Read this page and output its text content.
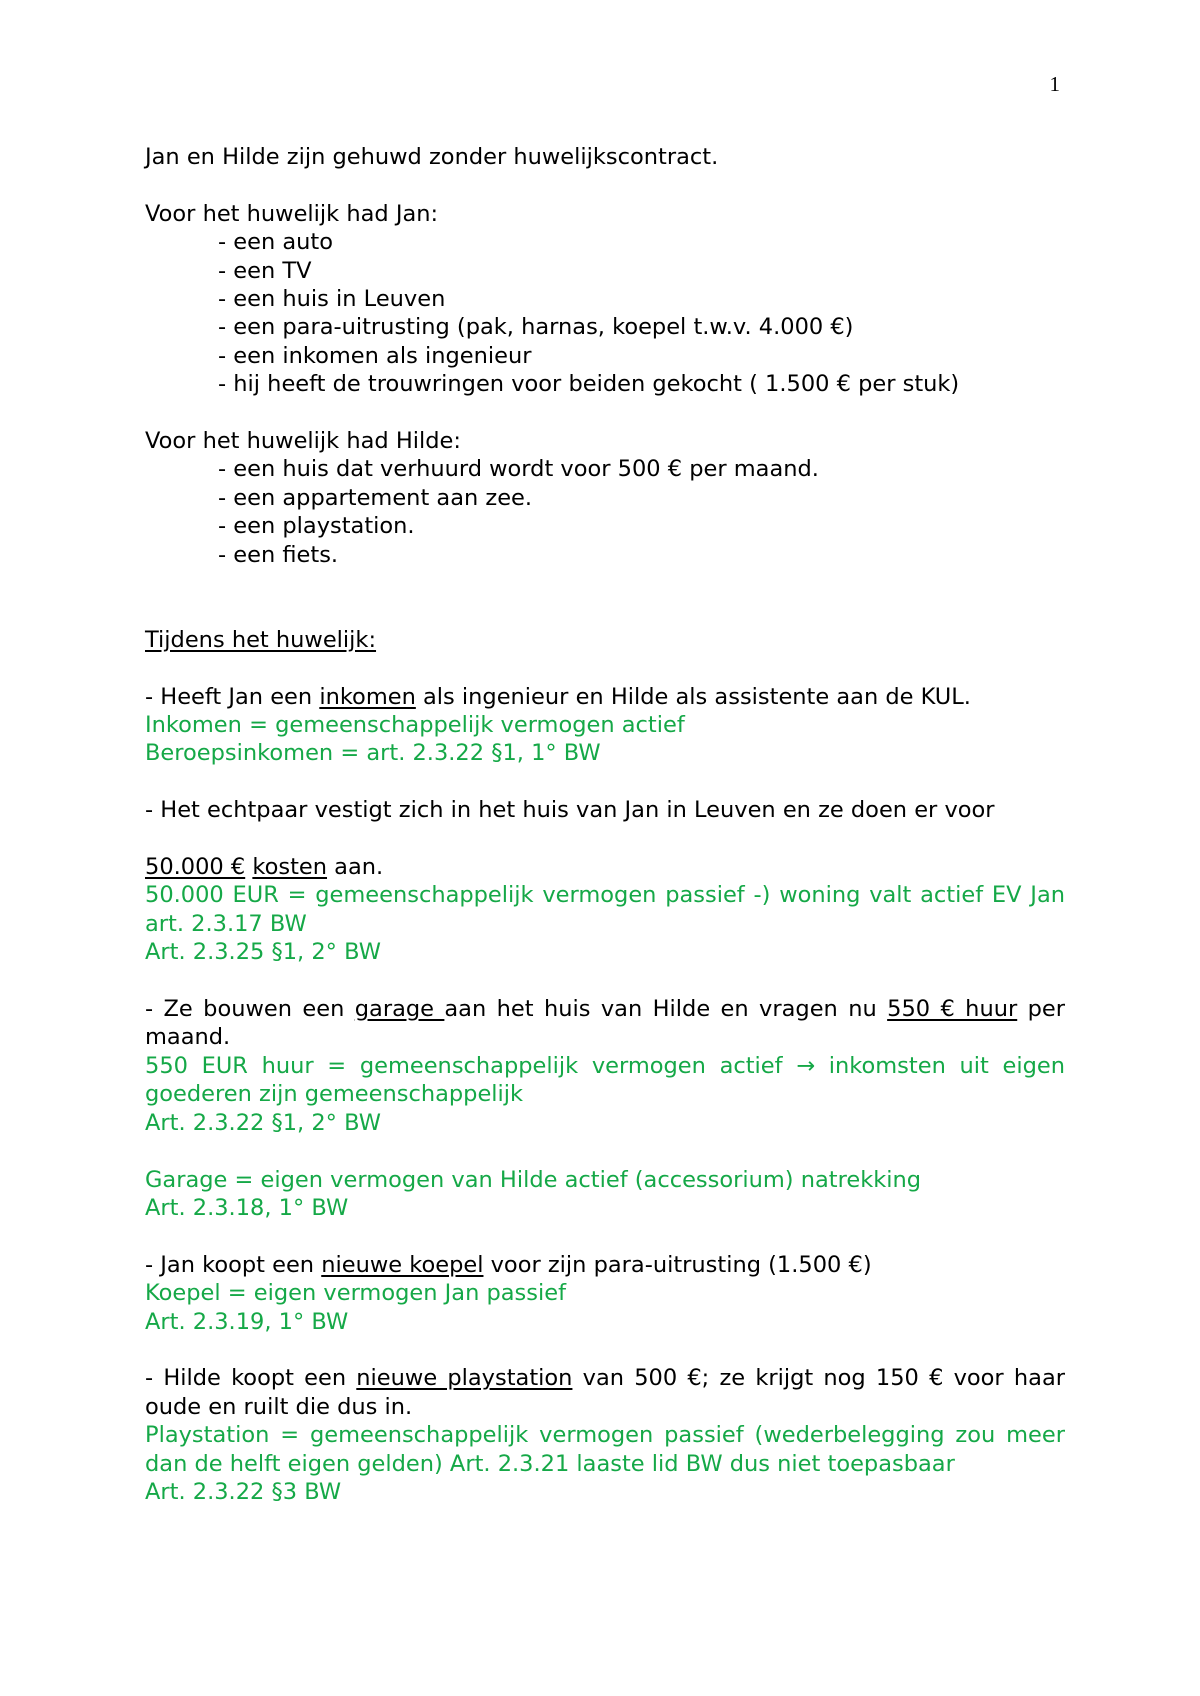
1

Jan en Hilde zijn gehuwd zonder huwelijkscontract.

Voor het huwelijk had Jan:

- een auto

- een TV

- een huis in Leuven

- een para-uitrusting (pak, harnas, koepel t.w.v. 4.000 €)

- een inkomen als ingenieur

- hij heeft de trouwringen voor beiden gekocht ( 1.500 € per stuk)

Voor het huwelijk had Hilde:

- een huis dat verhuurd wordt voor 500 € per maand.

- een appartement aan zee.

- een playstation.

- een fiets.

Tijdens het huwelijk:

- Heeft Jan een inkomen als ingenieur en Hilde als assistente aan de KUL.

Inkomen = gemeenschappelijk vermogen actief

Beroepsinkomen = art. 2.3.22 §1, 1° BW

- Het echtpaar vestigt zich in het huis van Jan in Leuven en ze doen er voor

50.000 € kosten aan.

50.000 EUR = gemeenschappelijk vermogen passief -) woning valt actief EV Jan art. 2.3.17 BW

Art. 2.3.25 §1, 2° BW

- Ze bouwen een garage aan het huis van Hilde en vragen nu 550 € huur per maand.

550 EUR huur = gemeenschappelijk vermogen actief → inkomsten uit eigen goederen zijn gemeenschappelijk

Art. 2.3.22 §1, 2° BW

Garage = eigen vermogen van Hilde actief (accessorium) natrekking

Art. 2.3.18, 1° BW

- Jan koopt een nieuwe koepel voor zijn para-uitrusting (1.500 €)

Koepel = eigen vermogen Jan passief

Art. 2.3.19, 1° BW

- Hilde koopt een nieuwe playstation van 500 €; ze krijgt nog 150 € voor haar oude en ruilt die dus in.

Playstation = gemeenschappelijk vermogen passief (wederbelegging zou meer dan de helft eigen gelden) Art. 2.3.21 laaste lid BW dus niet toepasbaar

Art. 2.3.22 §3 BW
